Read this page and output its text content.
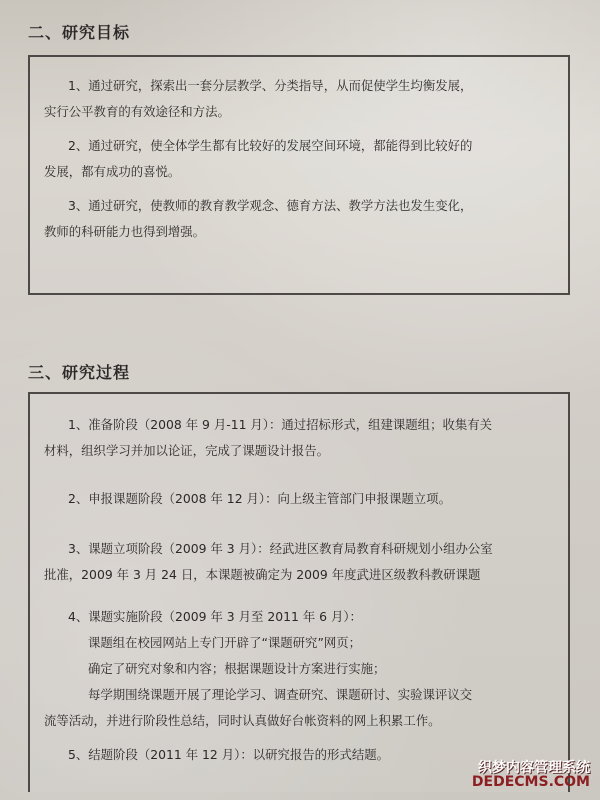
二、研究目标
1、通过研究，探索出一套分层教学、分类指导，从而促使学生均衡发展，
实行公平教育的有效途径和方法。
2、通过研究，使全体学生都有比较好的发展空间环境，都能得到比较好的
发展，都有成功的喜悦。
3、通过研究，使教师的教育教学观念、德育方法、教学方法也发生变化，
教师的科研能力也得到增强。
三、研究过程
1、准备阶段（2008 年 9 月-11 月）：通过招标形式，组建课题组；收集有关
材料，组织学习并加以论证，完成了课题设计报告。
2、申报课题阶段（2008 年 12 月）：向上级主管部门申报课题立项。
3、课题立项阶段（2009 年 3 月）：经武进区教育局教育科研规划小组办公室
批准，2009 年 3 月 24 日，本课题被确定为 2009 年度武进区级教科教研课题
4、课题实施阶段（2009 年 3 月至 2011 年 6 月）：
课题组在校园网站上专门开辟了“课题研究”网页；
确定了研究对象和内容；根据课题设计方案进行实施；
每学期围绕课题开展了理论学习、调查研究、课题研讨、实验课评议交
流等活动，并进行阶段性总结，同时认真做好台帐资料的网上积累工作。
5、结题阶段（2011 年 12 月）：以研究报告的形式结题。
织梦内容管理系统
DEDECMS.COM
